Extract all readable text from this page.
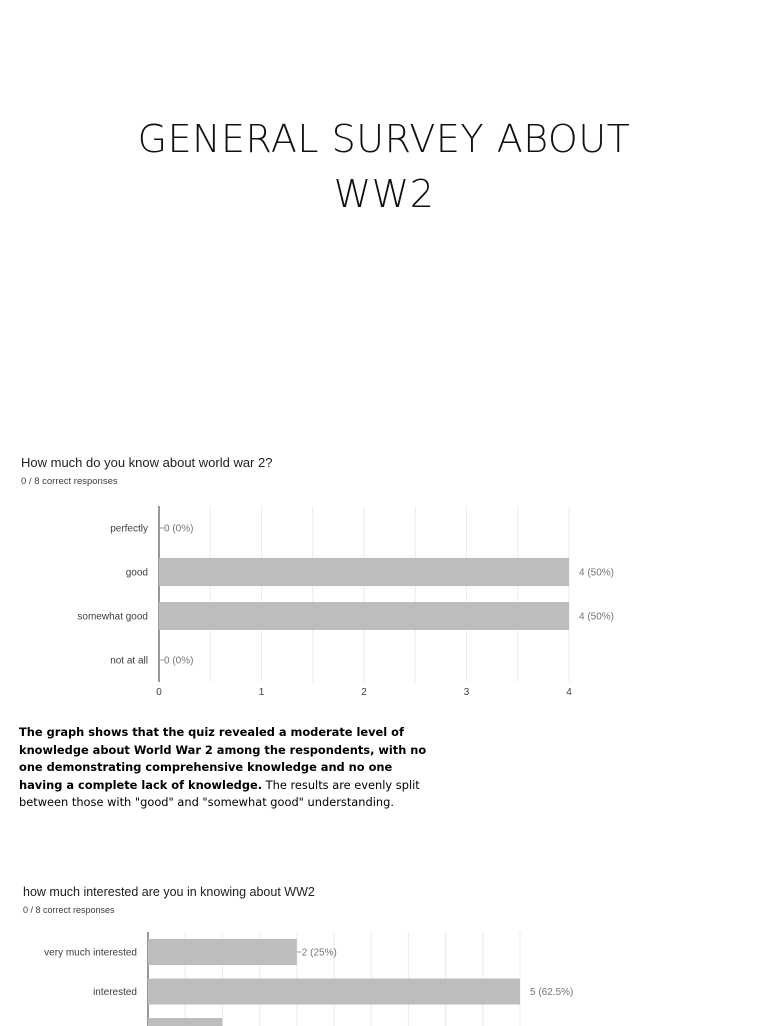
GENERAL SURVEY ABOUT
WW2
How much do you know about world war 2?
0 / 8 correct responses
perfectly 0 (0%)
good	4 (50%)
somewhat good	4 (50%)
not at all 0 (0%)
0	1	2	3	4
The graph shows that the quiz revealed a moderate level of knowledge about World War 2 among the respondents, with no one demonstrating comprehensive knowledge and no one having a complete lack of knowledge. The results are evenly split between those with "good" and "somewhat good" understanding.
how much interested are you in knowing about WW2
0 / 8 correct responses
very much interested	2 (25%)
interested	5 (62.5%)
